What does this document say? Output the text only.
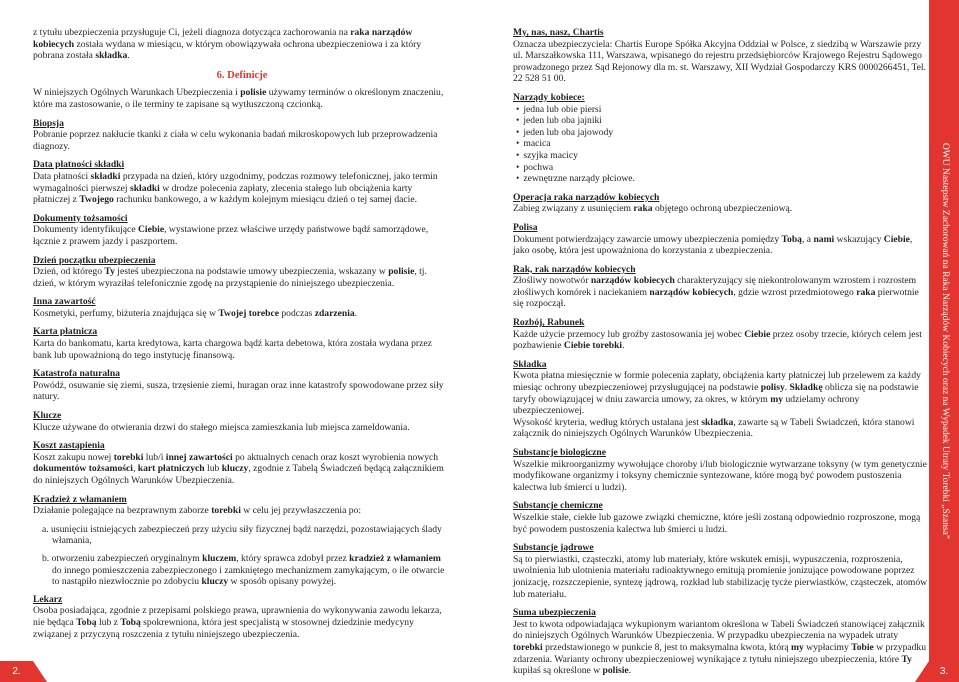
z tytułu ubezpieczenia przysługuje Ci, jeżeli diagnoza dotycząca zachorowania na raka narządów kobiecych została wydana w miesiącu, w którym obowiązywała ochrona ubezpieczeniowa i za który pobrana została składka.

6. Definicje

W niniejszych Ogólnych Warunkach Ubezpieczenia i polisie używamy terminów o określonym znaczeniu, które ma zastosowanie, o ile terminy te zapisane są wytłuszczoną czcionką.

Biopsja
Pobranie poprzez nakłucie tkanki z ciała w celu wykonania badań mikroskopowych lub przeprowadzenia diagnozy.
Data płatności składki
Data płatności składki przypada na dzień, który uzgodnimy, podczas rozmowy telefonicznej, jako termin wymagalności pierwszej składki w drodze polecenia zapłaty, zlecenia stałego lub obciążenia karty płatniczej z Twojego rachunku bankowego, a w każdym kolejnym miesiącu dzień o tej samej dacie.
Dokumenty tożsamości
Dokumenty identyfikujące Ciebie, wystawione przez właściwe urzędy państwowe bądź samorządowe, łącznie z prawem jazdy i paszportem.
Dzień początku ubezpieczenia
Dzień, od którego Ty jesteś ubezpieczona na podstawie umowy ubezpieczenia, wskazany w polisie, tj. dzień, w którym wyraziłaś telefonicznie zgodę na przystąpienie do niniejszego ubezpieczenia.
Inna zawartość
Kosmetyki, perfumy, biżuteria znajdująca się w Twojej torebce podczas zdarzenia.
Karta płatnicza
Karta do bankomatu, karta kredytowa, karta chargowa bądź karta debetowa, która została wydana przez bank lub upoważnioną do tego instytucję finansową.
Katastrofa naturalna
Powódź, osuwanie się ziemi, susza, trzęsienie ziemi, huragan oraz inne katastrofy spowodowane przez siły natury.
Klucze
Klucze używane do otwierania drzwi do stałego miejsca zamieszkania lub miejsca zameldowania.
Koszt zastąpienia
Koszt zakupu nowej torebki lub/i innej zawartości po aktualnych cenach oraz koszt wyrobienia nowych dokumentów tożsamości, kart płatniczych lub kluczy, zgodnie z Tabelą Świadczeń będącą załącznikiem do niniejszych Ogólnych Warunków Ubezpieczenia.
Kradzież z włamaniem
Działanie polegające na bezprawnym zaborze torebki w celu jej przywłaszczenia po:

a. usunięciu istniejących zabezpieczeń przy użyciu siły fizycznej bądź narzędzi, pozostawiających ślady włamania,

b. otworzeniu zabezpieczeń oryginalnym kluczem, który sprawca zdobył przez kradzież z włamaniem do innego pomieszczenia zabezpieczonego i zamkniętego mechanizmem zamykającym, o ile otwarcie to nastąpiło niezwłocznie po zdobyciu kluczy w sposób opisany powyżej.

Lekarz
Osoba posiadająca, zgodnie z przepisami polskiego prawa, uprawnienia do wykonywania zawodu lekarza, nie będąca Tobą lub z Tobą spokrewniona, która jest specjalistą w stosownej dziedzinie medycyny związanej z przyczyną roszczenia z tytułu niniejszego ubezpieczenia.
My, nas, nasz, Chartis
Oznacza ubezpieczyciela: Chartis Europe Spółka Akcyjna Oddział w Polsce, z siedzibą w Warszawie przy ul. Marszałkowska 111, Warszawa, wpisanego do rejestru przedsiębiorców Krajowego Rejestru Sądowego prowadzonego przez Sąd Rejonowy dla m. st. Warszawy, XII Wydział Gospodarczy KRS 0000266451, Tel. 22 528 51 00.
Narządy kobiece:
• jedna lub obie piersi
• jeden lub oba jajniki
• jeden lub oba jajowody
• macica
• szyjka macicy
• pochwa
• zewnętrzne narządy płciowe.
Operacja raka narządów kobiecych
Zabieg związany z usunięciem raka objętego ochroną ubezpieczeniową.
Polisa
Dokument potwierdzający zawarcie umowy ubezpieczenia pomiędzy Tobą, a nami wskazujący Ciebie, jako osobę, która jest upoważniona do korzystania z ubezpieczenia.
Rak, rak narządów kobiecych
Złośliwy nowotwór narządów kobiecych charakteryzujący się niekontrolowanym wzrostem i rozrostem złośliwych komórek i naciekaniem narządów kobiecych, gdzie wzrost przedmiotowego raka pierwotnie się rozpoczął.
Rozbój, Rabunek
Każde użycie przemocy lub groźby zastosowania jej wobec Ciebie przez osoby trzecie, których celem jest pozbawienie Ciebie torebki.
Składka
Kwota płatna miesięcznie w formie polecenia zapłaty, obciążenia karty płatniczej lub przelewem za każdy miesiąc ochrony ubezpieczeniowej przysługującej na podstawie polisy. Składkę oblicza się na podstawie taryfy obowiązującej w dniu zawarcia umowy, za okres, w którym my udzielamy ochrony ubezpieczeniowej.
Wysokość kryteria, według których ustalana jest składka, zawarte są w Tabeli Świadczeń, która stanowi załącznik do niniejszych Ogólnych Warunków Ubezpieczenia.
Substancje biologiczne
Wszelkie mikroorganizmy wywołujące choroby i/lub biologicznie wytwarzane toksyny (w tym genetycznie modyfikowane organizmy i toksyny chemicznie syntezowane, które mogą być powodem pustoszenia kalectwa lub śmierci u ludzi).
Substancje chemiczne
Wszelkie stałe, ciekłe lub gazowe związki chemiczne, które jeśli zostaną odpowiednio rozproszone, mogą być powodem pustoszenia kalectwa lub śmierci u ludzi.
Substancje jądrowe
Są to pierwiastki, cząsteczki, atomy lub materiały, które wskutek emisji, wypuszczenia, rozproszenia, uwolnienia lub ulotnienia materiału radioaktywnego emitują promienie jonizujące powodowane poprzez jonizację, rozszczepienie, syntezę jądrową, rozkład lub stabilizację tycże pierwiastków, cząsteczek, atomów lub materiału.
Suma ubezpieczenia
Jest to kwota odpowiadająca wykupionym wariantom określona w Tabeli Świadczeń stanowiącej załącznik do niniejszych Ogólnych Warunków Ubezpieczenia. W przypadku ubezpieczenia na wypadek utraty torebki przedstawionego w punkcie 8, jest to maksymalna kwota, którą my wypłacimy Tobie w przypadku zdarzenia. Warianty ochrony ubezpieczeniowej wynikające z tytułu niniejszego ubezpieczenia, które Ty kupiłaś są określone w polisie.
OWU Nastepstw Zachorowań na Raka Narządów Kobiecych oraz na Wypadek Utraty Torebki „Szansa”
2.	3.
